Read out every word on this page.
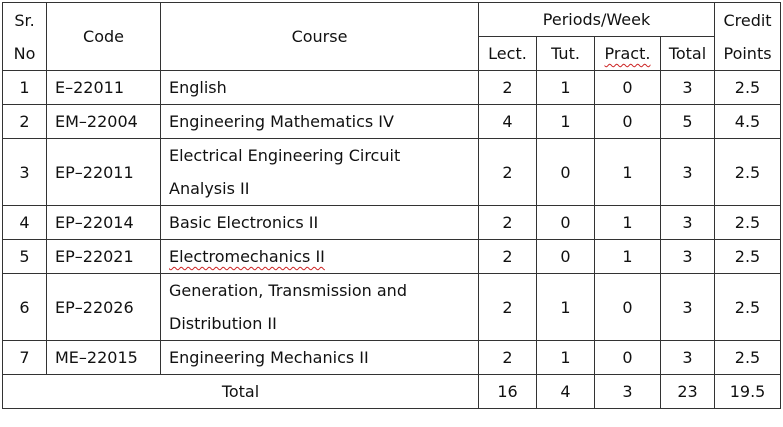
Sr.
No	Code	Course	Periods/Week				Credit
Points
			Lect.	Tut.	Pract.	Total	
1	E–22011	English	2	1	0	3	2.5
2	EM–22004	Engineering Mathematics IV	4	1	0	5	4.5
3	EP–22011	Electrical Engineering Circuit
Analysis II	2	0	1	3	2.5
4	EP–22014	Basic Electronics II	2	0	1	3	2.5
5	EP–22021	Electromechanics II	2	0	1	3	2.5
6	EP–22026	Generation, Transmission and
Distribution II	2	1	0	3	2.5
7	ME–22015	Engineering Mechanics II	2	1	0	3	2.5
Total			16	4	3	23	19.5
